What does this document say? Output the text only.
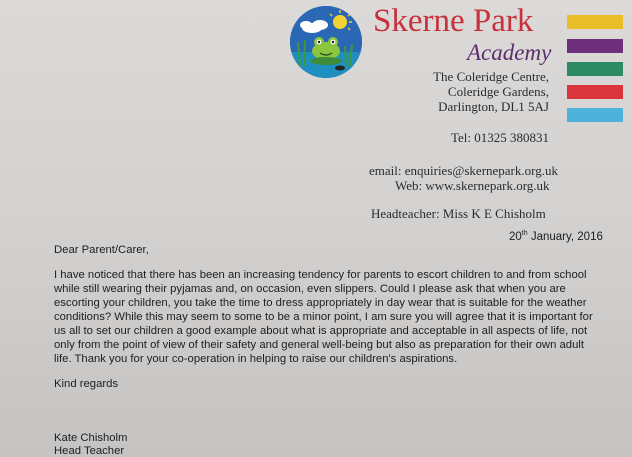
Skerne Park
Academy
The Coleridge Centre,
Coleridge Gardens,
Darlington, DL1 5AJ
Tel: 01325 380831
email: enquiries@skernepark.org.uk
Web: www.skernepark.org.uk
Headteacher: Miss K E Chisholm
20th January, 2016
Dear Parent/Carer,
I have noticed that there has been an increasing tendency for parents to escort children to and from school
while still wearing their pyjamas and, on occasion, even slippers. Could I please ask that when you are
escorting your children, you take the time to dress appropriately in day wear that is suitable for the weather
conditions? While this may seem to some to be a minor point, I am sure you will agree that it is important for
us all to set our children a good example about what is appropriate and acceptable in all aspects of life, not
only from the point of view of their safety and general well-being but also as preparation for their own adult
life. Thank you for your co-operation in helping to raise our children's aspirations.
Kind regards
Kate Chisholm
Head Teacher
